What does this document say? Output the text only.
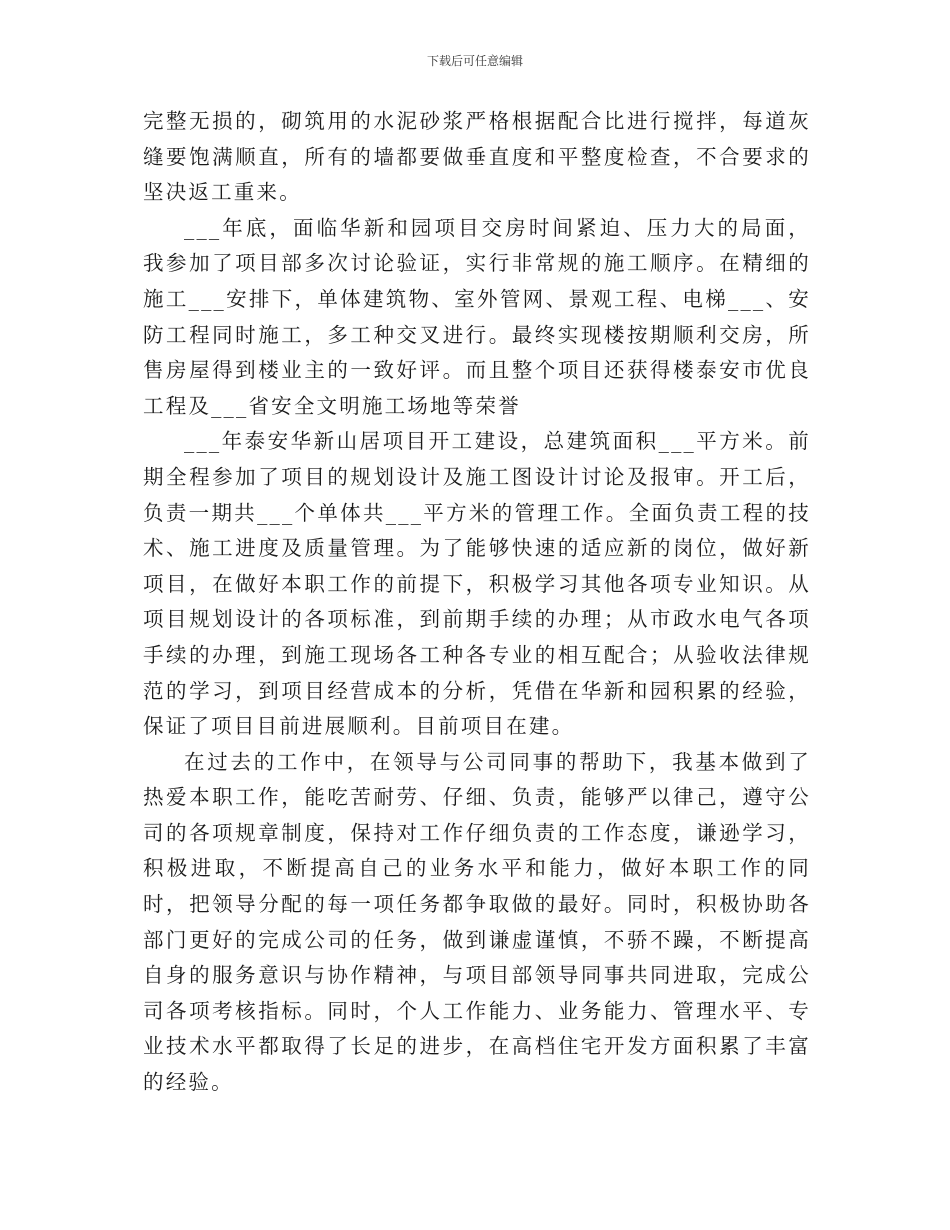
下载后可任意编辑

完整无损的，砌筑用的水泥砂浆严格根据配合比进行搅拌，每道灰缝要饱满顺直，所有的墙都要做垂直度和平整度检查，不合要求的坚决返工重来。

___年底，面临华新和园项目交房时间紧迫、压力大的局面，我参加了项目部多次讨论验证，实行非常规的施工顺序。在精细的施工___安排下，单体建筑物、室外管网、景观工程、电梯___、安防工程同时施工，多工种交叉进行。最终实现楼按期顺利交房，所售房屋得到楼业主的一致好评。而且整个项目还获得楼泰安市优良工程及___省安全文明施工场地等荣誉

___年泰安华新山居项目开工建设，总建筑面积___平方米。前期全程参加了项目的规划设计及施工图设计讨论及报审。开工后，负责一期共___个单体共___平方米的管理工作。全面负责工程的技术、施工进度及质量管理。为了能够快速的适应新的岗位，做好新项目，在做好本职工作的前提下，积极学习其他各项专业知识。从项目规划设计的各项标准，到前期手续的办理；从市政水电气各项手续的办理，到施工现场各工种各专业的相互配合；从验收法律规范的学习，到项目经营成本的分析，凭借在华新和园积累的经验，保证了项目目前进展顺利。目前项目在建。

在过去的工作中，在领导与公司同事的帮助下，我基本做到了热爱本职工作，能吃苦耐劳、仔细、负责，能够严以律己，遵守公司的各项规章制度，保持对工作仔细负责的工作态度，谦逊学习，积极进取，不断提高自己的业务水平和能力，做好本职工作的同时，把领导分配的每一项任务都争取做的最好。同时，积极协助各部门更好的完成公司的任务，做到谦虚谨慎，不骄不躁，不断提高自身的服务意识与协作精神，与项目部领导同事共同进取，完成公司各项考核指标。同时，个人工作能力、业务能力、管理水平、专业技术水平都取得了长足的进步，在高档住宅开发方面积累了丰富的经验。
